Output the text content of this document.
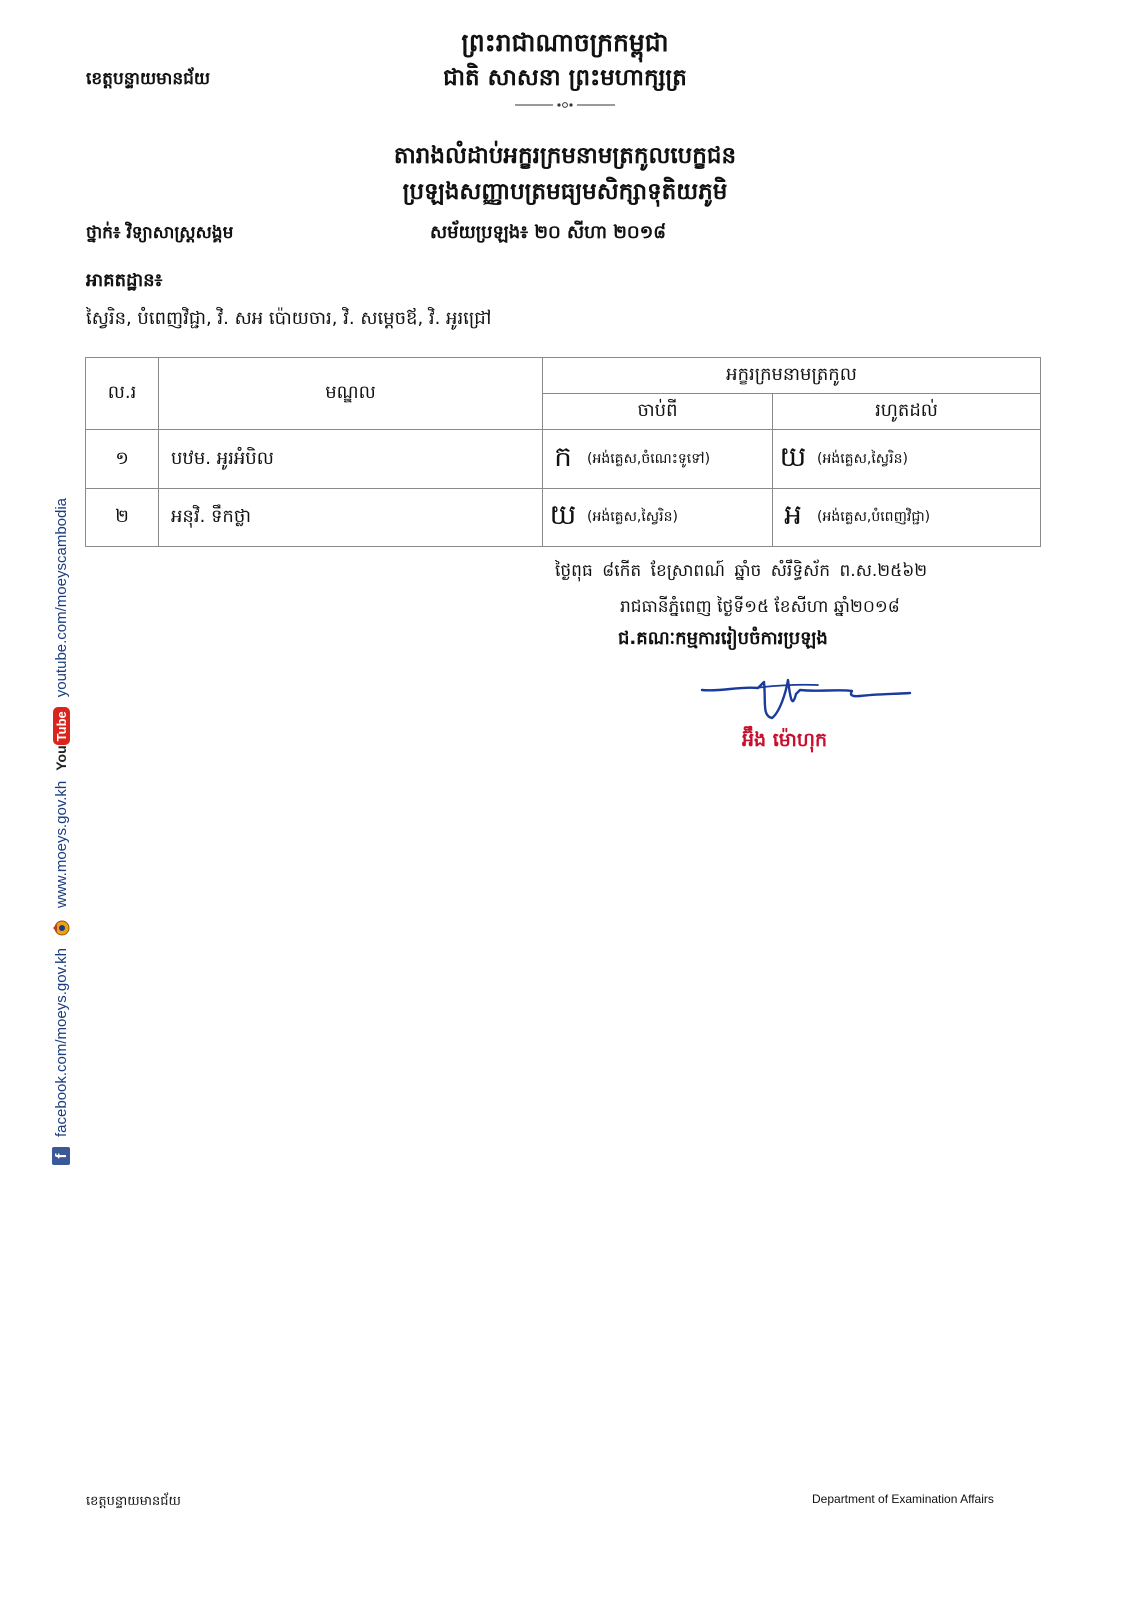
ព្រះរាជាណាចក្រកម្ពុជា
ជាតិ សាសនា ព្រះមហាក្សត្រ
ខេត្តបន្ទាយមានជ័យ
តារាងលំដាប់អក្ខរក្រមនាមត្រកូលបេក្ខជន
ប្រឡងសញ្ញាបត្រមធ្យមសិក្សាទុតិយភូមិ
ថ្នាក់៖ វិទ្យាសាស្ត្រសង្គម	សម័យប្រឡង៖ ២០ សីហា ២០១៨
អាគតដ្ឋាន៖
ស្វៃរិន, បំពេញវិជ្ជា, វិ. សអ ប៉ោយចារ, វិ. សម្តេចឪ, វិ. អូរជ្រៅ
ល.រ	មណ្ឌល	អក្ខរក្រមនាមត្រកូល	
		ចាប់ពី	រហូតដល់
១	បឋម. អូរអំបិល	ក (អង់គ្លេស,ចំណេះទូទៅ)	យ (អង់គ្លេស,ស្វៃរិន)
២	អនុវិ. ទឹកថ្លា	យ (អង់គ្លេស,ស្វៃរិន)	អ (អង់គ្លេស,បំពេញវិជ្ជា)
ថ្ងៃពុធ ៨កើត ខែស្រាពណ៍ ឆ្នាំច សំរឹទ្ធិស័ក ព.ស.២៥៦២
រាជធានីភ្នំពេញ ថ្ងៃទី១៥ ខែសីហា ឆ្នាំ២០១៨
ជ.គណៈកម្មការរៀបចំការប្រឡង
អ៊ឹង ម៉ោហុក
f
facebook.com/moeys.gov.kh
www.moeys.gov.kh
YouTube
youtube.com/moeyscambodia
ខេត្តបន្ទាយមានជ័យ	Department of Examination Affairs
